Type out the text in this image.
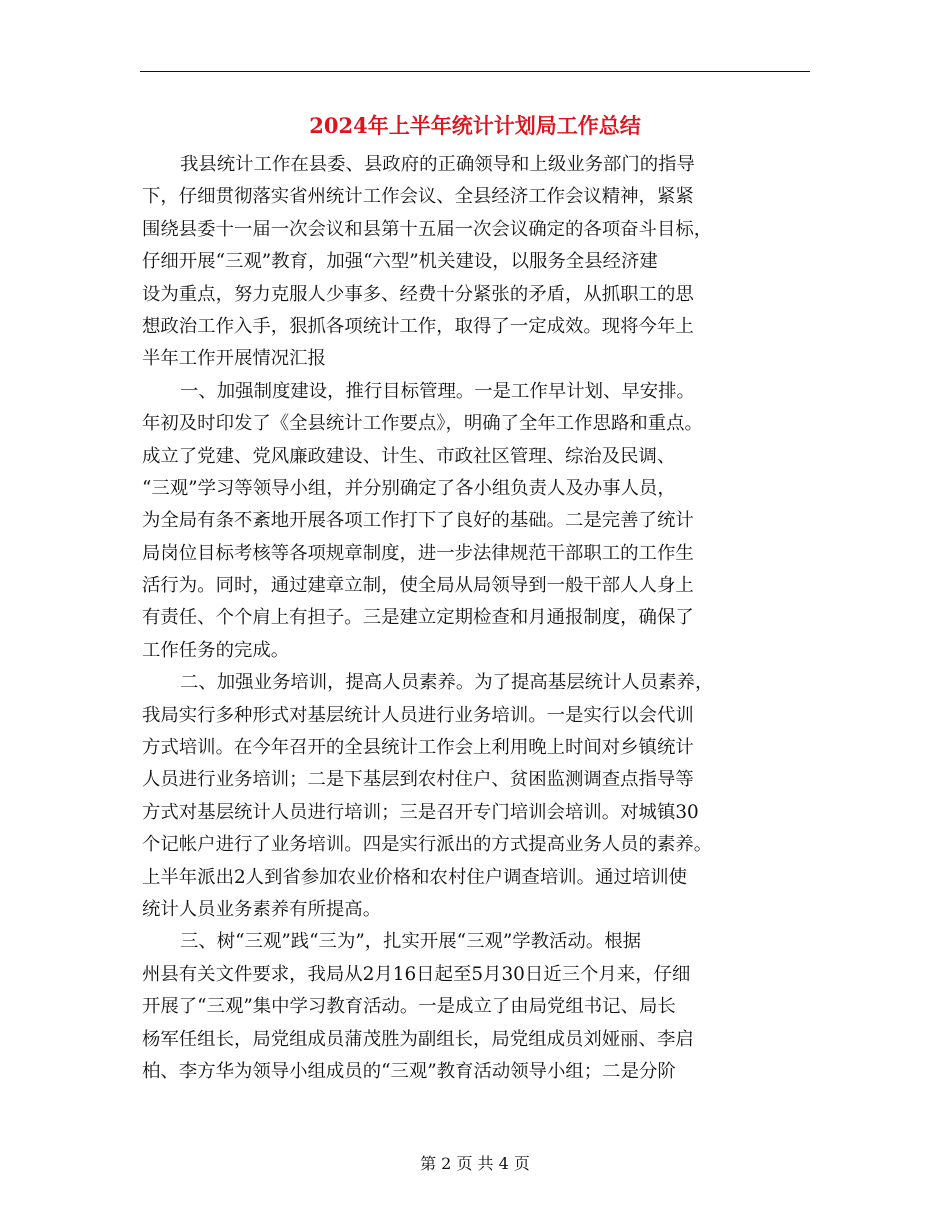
2024年上半年统计计划局工作总结
我县统计工作在县委、县政府的正确领导和上级业务部门的指导
下，仔细贯彻落实省州统计工作会议、全县经济工作会议精神，紧紧
围绕县委十一届一次会议和县第十五届一次会议确定的各项奋斗目标，
仔细开展“三观”教育，加强“六型”机关建设，以服务全县经济建
设为重点，努力克服人少事多、经费十分紧张的矛盾，从抓职工的思
想政治工作入手，狠抓各项统计工作，取得了一定成效。现将今年上
半年工作开展情况汇报
一、加强制度建设，推行目标管理。一是工作早计划、早安排。
年初及时印发了《全县统计工作要点》，明确了全年工作思路和重点。
成立了党建、党风廉政建设、计生、市政社区管理、综治及民调、
“三观”学习等领导小组，并分别确定了各小组负责人及办事人员，
为全局有条不紊地开展各项工作打下了良好的基础。二是完善了统计
局岗位目标考核等各项规章制度，进一步法律规范干部职工的工作生
活行为。同时，通过建章立制，使全局从局领导到一般干部人人身上
有责任、个个肩上有担子。三是建立定期检查和月通报制度，确保了
工作任务的完成。
二、加强业务培训，提高人员素养。为了提高基层统计人员素养，
我局实行多种形式对基层统计人员进行业务培训。一是实行以会代训
方式培训。在今年召开的全县统计工作会上利用晚上时间对乡镇统计
人员进行业务培训；二是下基层到农村住户、贫困监测调查点指导等
方式对基层统计人员进行培训；三是召开专门培训会培训。对城镇30
个记帐户进行了业务培训。四是实行派出的方式提高业务人员的素养。
上半年派出2人到省参加农业价格和农村住户调查培训。通过培训使
统计人员业务素养有所提高。
三、树“三观”践“三为”，扎实开展“三观”学教活动。根据
州县有关文件要求，我局从2月16日起至5月30日近三个月来，仔细
开展了“三观”集中学习教育活动。一是成立了由局党组书记、局长
杨军任组长，局党组成员蒲茂胜为副组长，局党组成员刘娅丽、李启
柏、李方华为领导小组成员的“三观”教育活动领导小组；二是分阶
第 2 页 共 4 页
